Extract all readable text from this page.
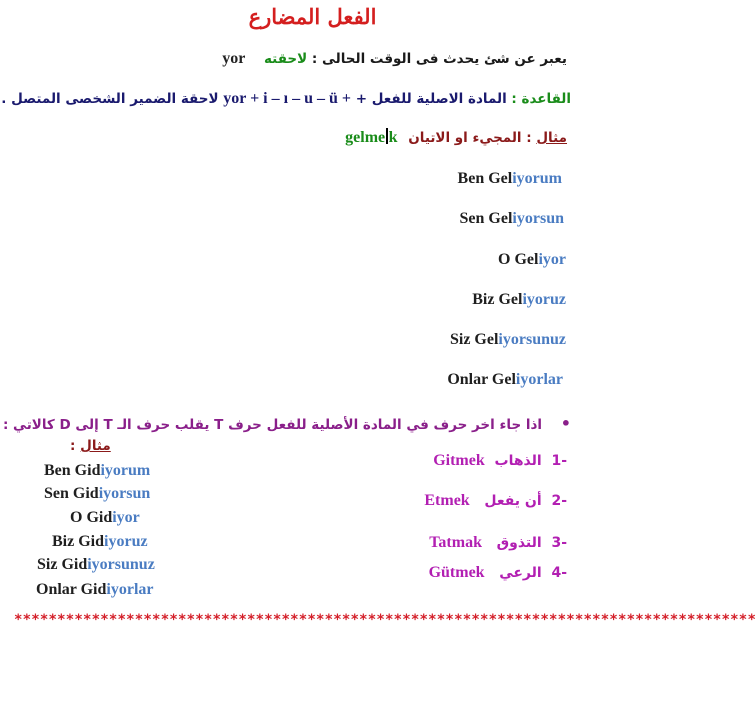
الفعل المضارع
يعبر عن شئ يحدث فى الوقت الحالى : لاحقته yor
القاعدة : المادة الاصلية للفعل + yor + i – ı – u – ü + لاحقة الضمير الشخصى المتصل .
مثال : المجيء او الاتيان gelme k
Ben Geliyorum
Sen Geliyorsun
O Geliyor
Biz Geliyoruz
Siz Geliyorsunuz
Onlar Geliyorlar
• اذا جاء اخر حرف في المادة الأصلية للفعل حرف T يقلب حرف الـ T إلى D كالاتي :
مثال :
Ben Gidiyorum
Sen Gidiyorsun
O Gidiyor
Biz Gidiyoruz
Siz Gidiyorsunuz
Onlar Gidiyorlar
-1  الذهاب  Gitmek
-2  أن يفعل   Etmek
-3  التذوق   Tatmak
-4  الرعي   Gütmek
**************************************************************************************
